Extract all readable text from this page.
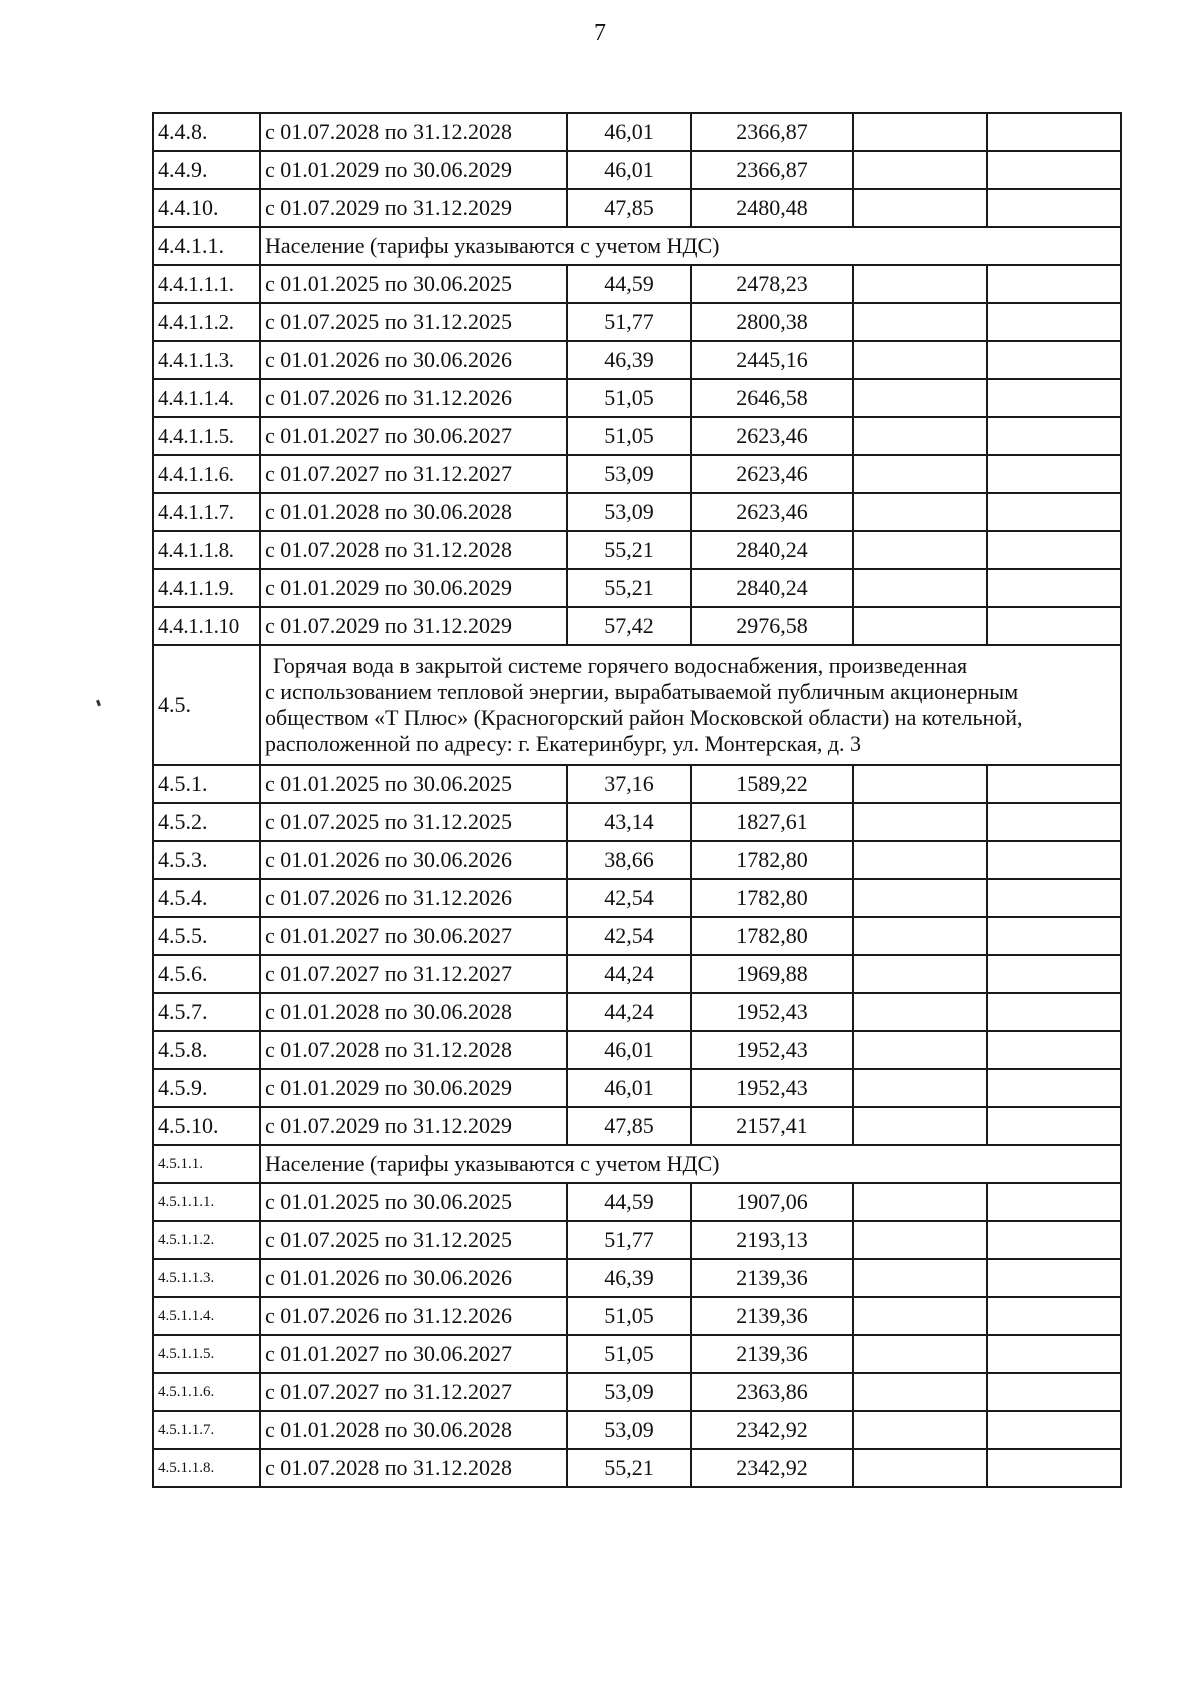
7
4.4.8.	с 01.07.2028 по 31.12.2028	46,01	2366,87		
4.4.9.	с 01.01.2029 по 30.06.2029	46,01	2366,87		
4.4.10.	с 01.07.2029 по 31.12.2029	47,85	2480,48		
4.4.1.1.	Население (тарифы указываются с учетом НДС)				
4.4.1.1.1.	с 01.01.2025 по 30.06.2025	44,59	2478,23		
4.4.1.1.2.	с 01.07.2025 по 31.12.2025	51,77	2800,38		
4.4.1.1.3.	с 01.01.2026 по 30.06.2026	46,39	2445,16		
4.4.1.1.4.	с 01.07.2026 по 31.12.2026	51,05	2646,58		
4.4.1.1.5.	с 01.01.2027 по 30.06.2027	51,05	2623,46		
4.4.1.1.6.	с 01.07.2027 по 31.12.2027	53,09	2623,46		
4.4.1.1.7.	с 01.01.2028 по 30.06.2028	53,09	2623,46		
4.4.1.1.8.	с 01.07.2028 по 31.12.2028	55,21	2840,24		
4.4.1.1.9.	с 01.01.2029 по 30.06.2029	55,21	2840,24		
4.4.1.1.10	с 01.07.2029 по 31.12.2029	57,42	2976,58		
4.5.	Горячая вода в закрытой системе горячего водоснабжения, произведенная
с использованием тепловой энергии, вырабатываемой публичным акционерным
обществом «Т Плюс» (Красногорский район Московской области) на котельной,
расположенной по адресу: г. Екатеринбург, ул. Монтерская, д. 3				

4.5.1.	с 01.01.2025 по 30.06.2025	37,16	1589,22		
4.5.2.	с 01.07.2025 по 31.12.2025	43,14	1827,61		
4.5.3.	с 01.01.2026 по 30.06.2026	38,66	1782,80		
4.5.4.	с 01.07.2026 по 31.12.2026	42,54	1782,80		
4.5.5.	с 01.01.2027 по 30.06.2027	42,54	1782,80		
4.5.6.	с 01.07.2027 по 31.12.2027	44,24	1969,88		
4.5.7.	с 01.01.2028 по 30.06.2028	44,24	1952,43		
4.5.8.	с 01.07.2028 по 31.12.2028	46,01	1952,43		
4.5.9.	с 01.01.2029 по 30.06.2029	46,01	1952,43		
4.5.10.	с 01.07.2029 по 31.12.2029	47,85	2157,41		
4.5.1.1.	Население (тарифы указываются с учетом НДС)				
4.5.1.1.1.	с 01.01.2025 по 30.06.2025	44,59	1907,06		
4.5.1.1.2.	с 01.07.2025 по 31.12.2025	51,77	2193,13		
4.5.1.1.3.	с 01.01.2026 по 30.06.2026	46,39	2139,36		
4.5.1.1.4.	с 01.07.2026 по 31.12.2026	51,05	2139,36		
4.5.1.1.5.	с 01.01.2027 по 30.06.2027	51,05	2139,36		
4.5.1.1.6.	с 01.07.2027 по 31.12.2027	53,09	2363,86		
4.5.1.1.7.	с 01.01.2028 по 30.06.2028	53,09	2342,92		
4.5.1.1.8.	с 01.07.2028 по 31.12.2028	55,21	2342,92		
